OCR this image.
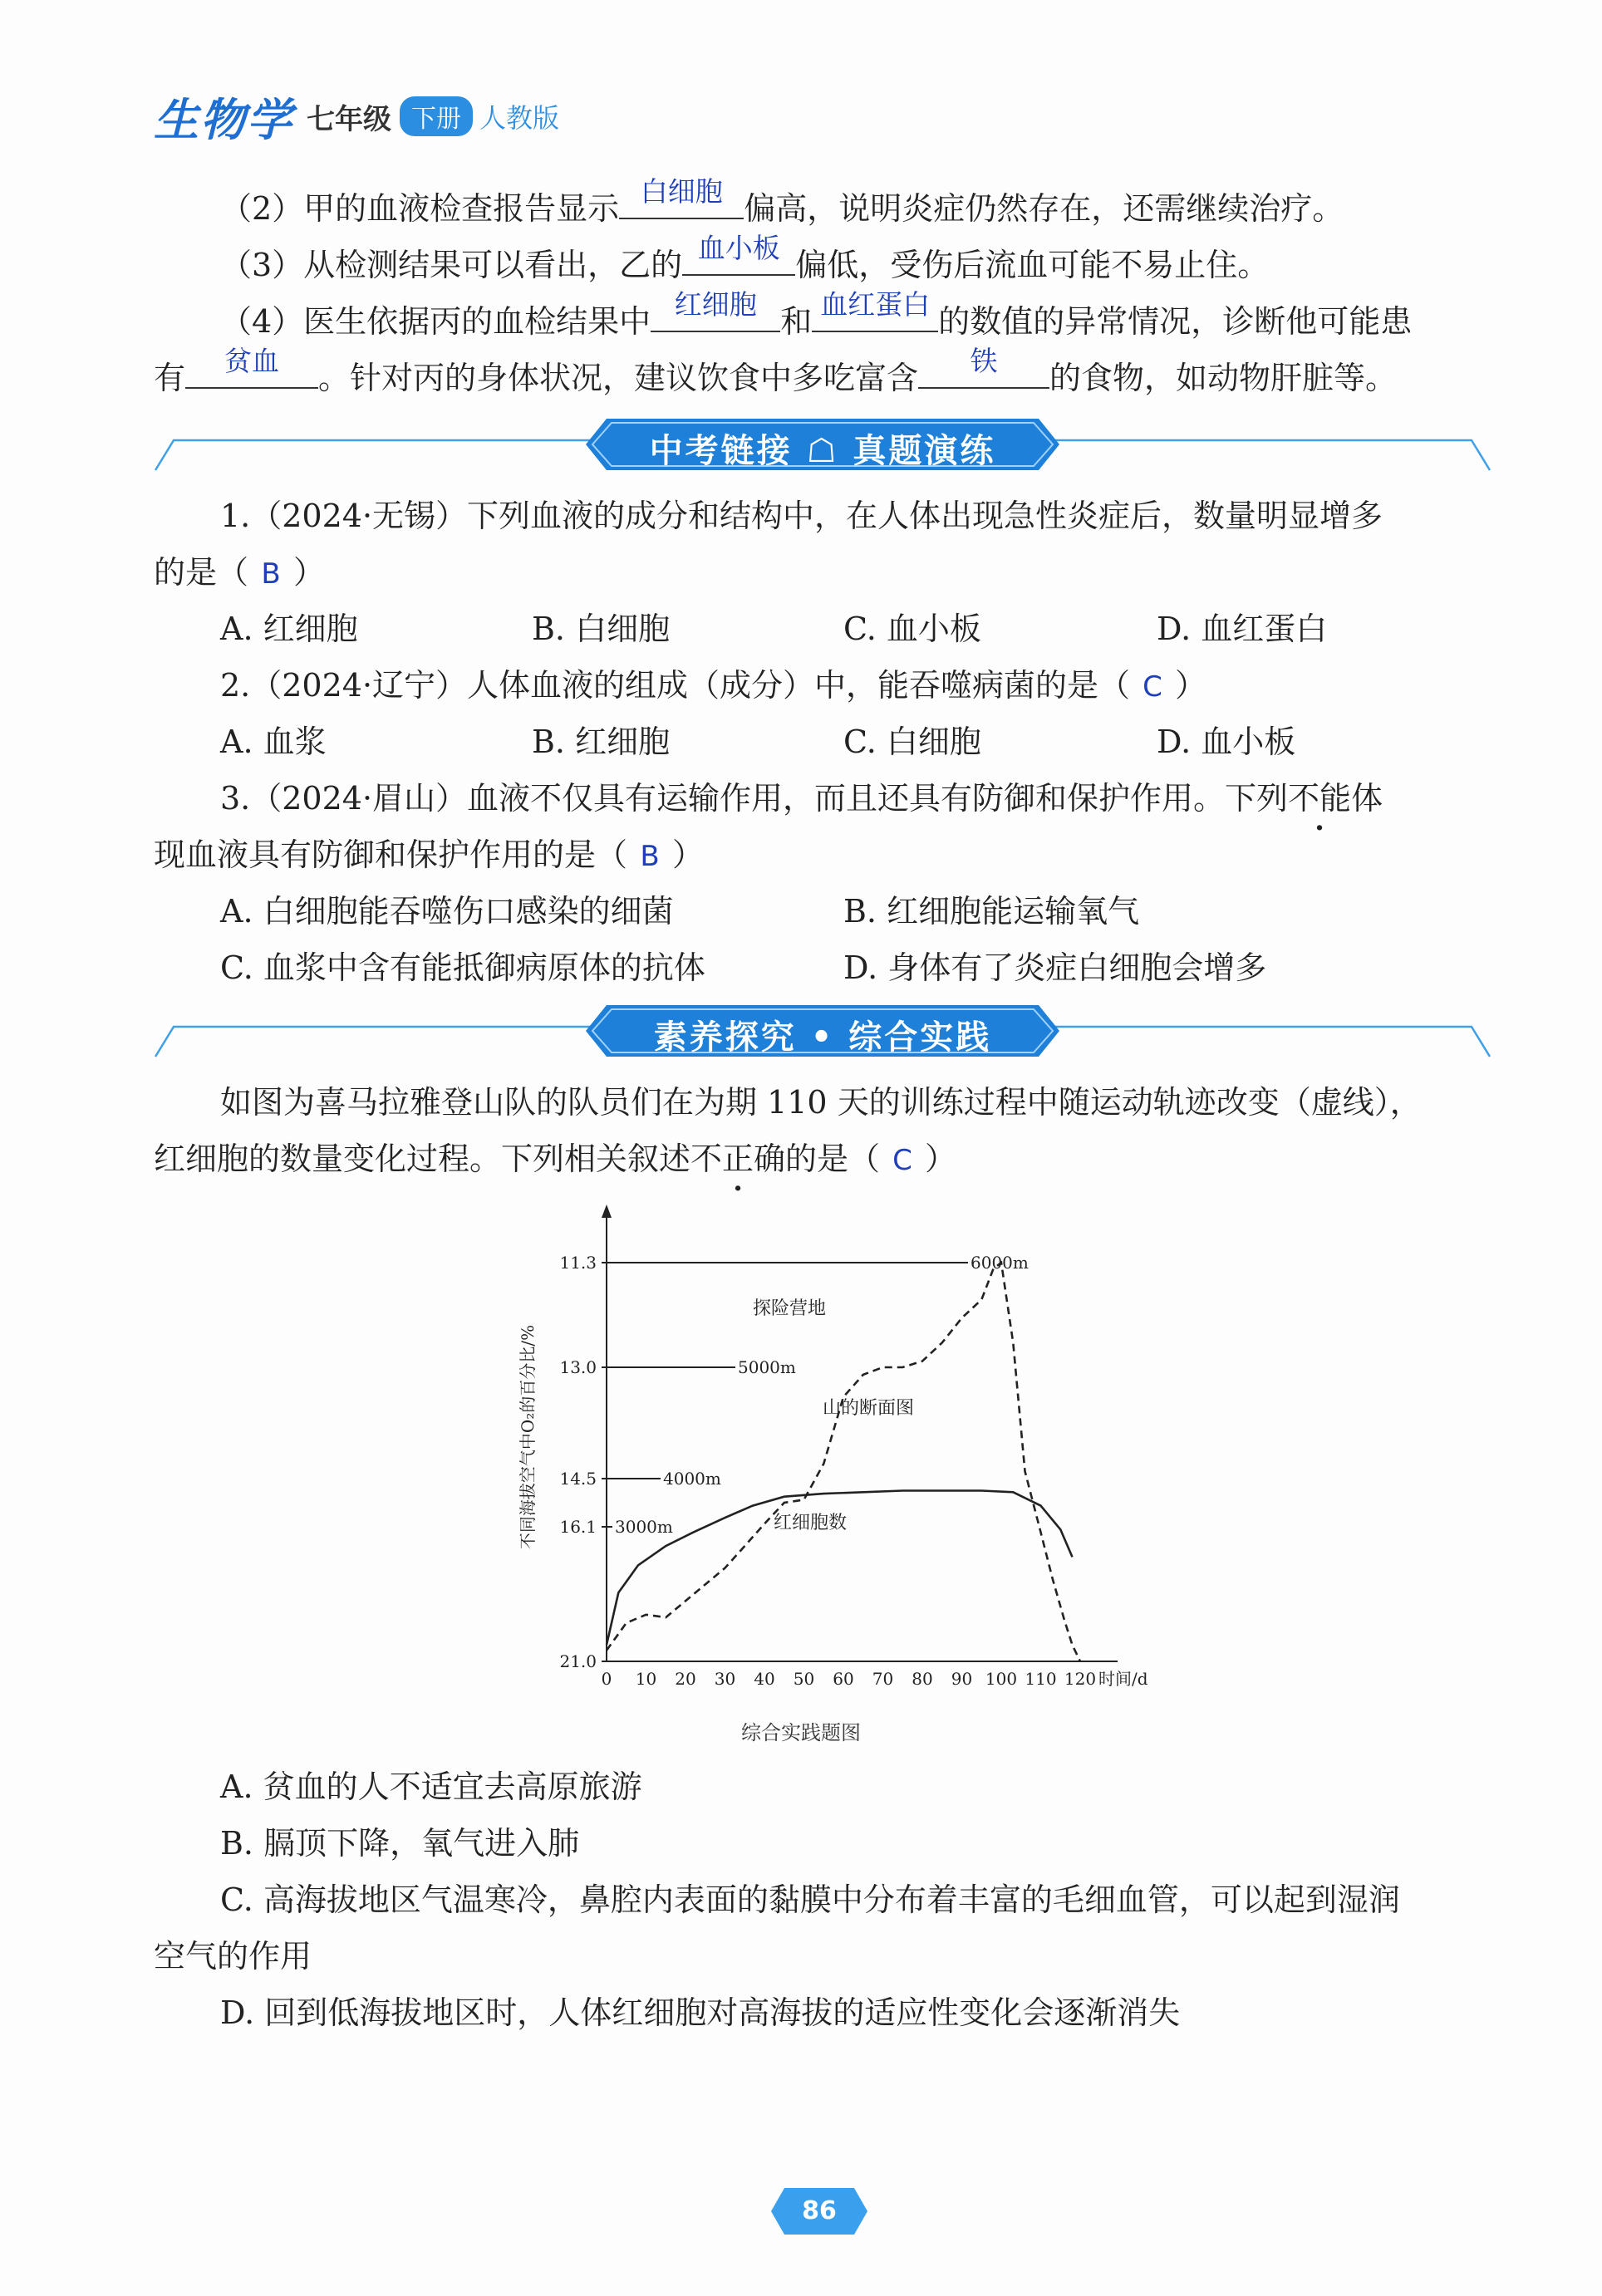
生物学 七年级 下册 人教版
（2）甲的血液检查报告显示 白细胞 偏高，说明炎症仍然存在，还需继续治疗。
（3）从检测结果可以看出，乙的 血小板 偏低，受伤后流血可能不易止住。
（4）医生依据丙的血检结果中 红细胞 和 血红蛋白 的数值的异常情况，诊断他可能患
有	贫血	。针对丙的身体状况，建议饮食中多吃富含	铁	的食物，如动物肝脏等。
中考链接 ☖ 真题演练
1.（2024·无锡）下列血液的成分和结构中，在人体出现急性炎症后，数量明显增多
的是（ B ）
A. 红细胞	B. 白细胞	C. 血小板	D. 血红蛋白
2.（2024·辽宁）人体血液的组成（成分）中，能吞噬病菌的是（ C ）
A. 血浆	B. 红细胞	C. 白细胞	D. 血小板
3.（2024·眉山）血液不仅具有运输作用，而且还具有防御和保护作用。下列不能体
现血液具有防御和保护作用的是（ B ）
A. 白细胞能吞噬伤口感染的细菌	B. 红细胞能运输氧气
C. 血浆中含有能抵御病原体的抗体	D. 身体有了炎症白细胞会增多
素养探究 • 综合实践
如图为喜马拉雅登山队的队员们在为期 110 天的训练过程中随运动轨迹改变（虚线），
红细胞的数量变化过程。下列相关叙述不正确的是（ C ）
不同海拔空气中O₂的百分比/%
11.3
13.0
14.5
16.1
21.0
6000m
5000m
4000m
3000m
0 10 20 30 40 50 60 70 80 90 100 110 120 时间/d
探险营地
山的断面图
红细胞数
综合实践题图
A. 贫血的人不适宜去高原旅游
B. 膈顶下降，氧气进入肺
C. 高海拔地区气温寒冷，鼻腔内表面的黏膜中分布着丰富的毛细血管，可以起到湿润
空气的作用
D. 回到低海拔地区时，人体红细胞对高海拔的适应性变化会逐渐消失
86
